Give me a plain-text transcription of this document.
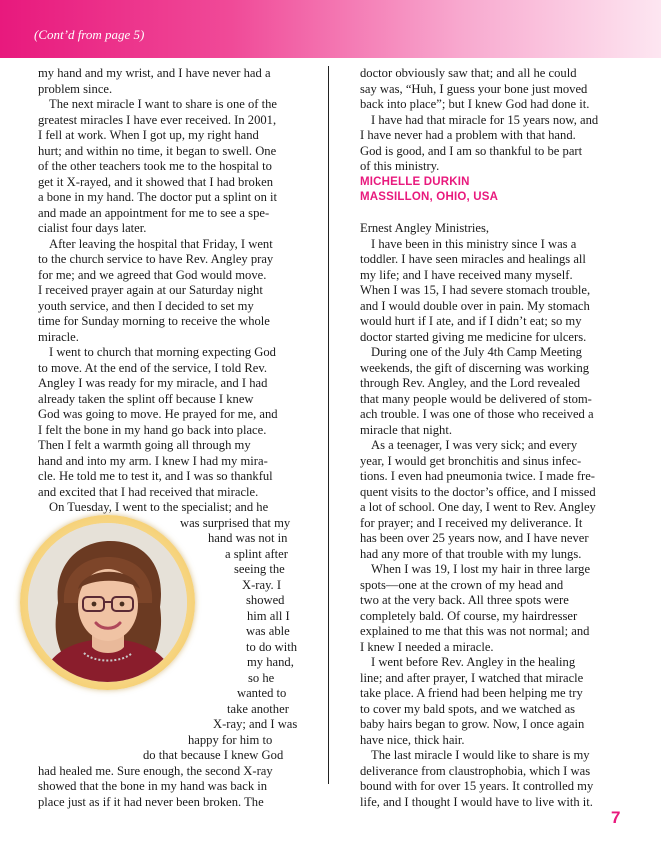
(Cont’d from page 5)
my hand and my wrist, and I have never had a
problem since.
The next miracle I want to share is one of the
greatest miracles I have ever received. In 2001,
I fell at work. When I got up, my right hand
hurt; and within no time, it began to swell. One
of the other teachers took me to the hospital to
get it X-rayed, and it showed that I had broken
a bone in my hand. The doctor put a splint on it
and made an appointment for me to see a spe-
cialist four days later.
After leaving the hospital that Friday, I went
to the church service to have Rev. Angley pray
for me; and we agreed that God would move.
I received prayer again at our Saturday night
youth service, and then I decided to set my
time for Sunday morning to receive the whole
miracle.
I went to church that morning expecting God
to move. At the end of the service, I told Rev.
Angley I was ready for my miracle, and I had
already taken the splint off because I knew
God was going to move. He prayed for me, and
I felt the bone in my hand go back into place.
Then I felt a warmth going all through my
hand and into my arm. I knew I had my mira-
cle. He told me to test it, and I was so thankful
and excited that I had received that miracle.
On Tuesday, I went to the specialist; and he
was surprised that my
hand was not in
a splint after
seeing the
X-ray. I
showed
him all I
was able
to do with
my hand,
so he
wanted to
take another
X-ray; and I was
happy for him to
do that because I knew God
had healed me. Sure enough, the second X-ray
showed that the bone in my hand was back in
place just as if it had never been broken. The
doctor obviously saw that; and all he could
say was, “Huh, I guess your bone just moved
back into place”; but I knew God had done it.
I have had that miracle for 15 years now, and
I have never had a problem with that hand.
God is good, and I am so thankful to be part
of this ministry.
MICHELLE DURKIN
MASSILLON, OHIO, USA
Ernest Angley Ministries,
I have been in this ministry since I was a
toddler. I have seen miracles and healings all
my life; and I have received many myself.
When I was 15, I had severe stomach trouble,
and I would double over in pain. My stomach
would hurt if I ate, and if I didn’t eat; so my
doctor started giving me medicine for ulcers.
During one of the July 4th Camp Meeting
weekends, the gift of discerning was working
through Rev. Angley, and the Lord revealed
that many people would be delivered of stom-
ach trouble. I was one of those who received a
miracle that night.
As a teenager, I was very sick; and every
year, I would get bronchitis and sinus infec-
tions. I even had pneumonia twice. I made fre-
quent visits to the doctor’s office, and I missed
a lot of school. One day, I went to Rev. Angley
for prayer; and I received my deliverance. It
has been over 25 years now, and I have never
had any more of that trouble with my lungs.
When I was 19, I lost my hair in three large
spots—one at the crown of my head and
two at the very back. All three spots were
completely bald. Of course, my hairdresser
explained to me that this was not normal; and
I knew I needed a miracle.
I went before Rev. Angley in the healing
line; and after prayer, I watched that miracle
take place. A friend had been helping me try
to cover my bald spots, and we watched as
baby hairs began to grow. Now, I once again
have nice, thick hair.
The last miracle I would like to share is my
deliverance from claustrophobia, which I was
bound with for over 15 years. It controlled my
life, and I thought I would have to live with it.
7
